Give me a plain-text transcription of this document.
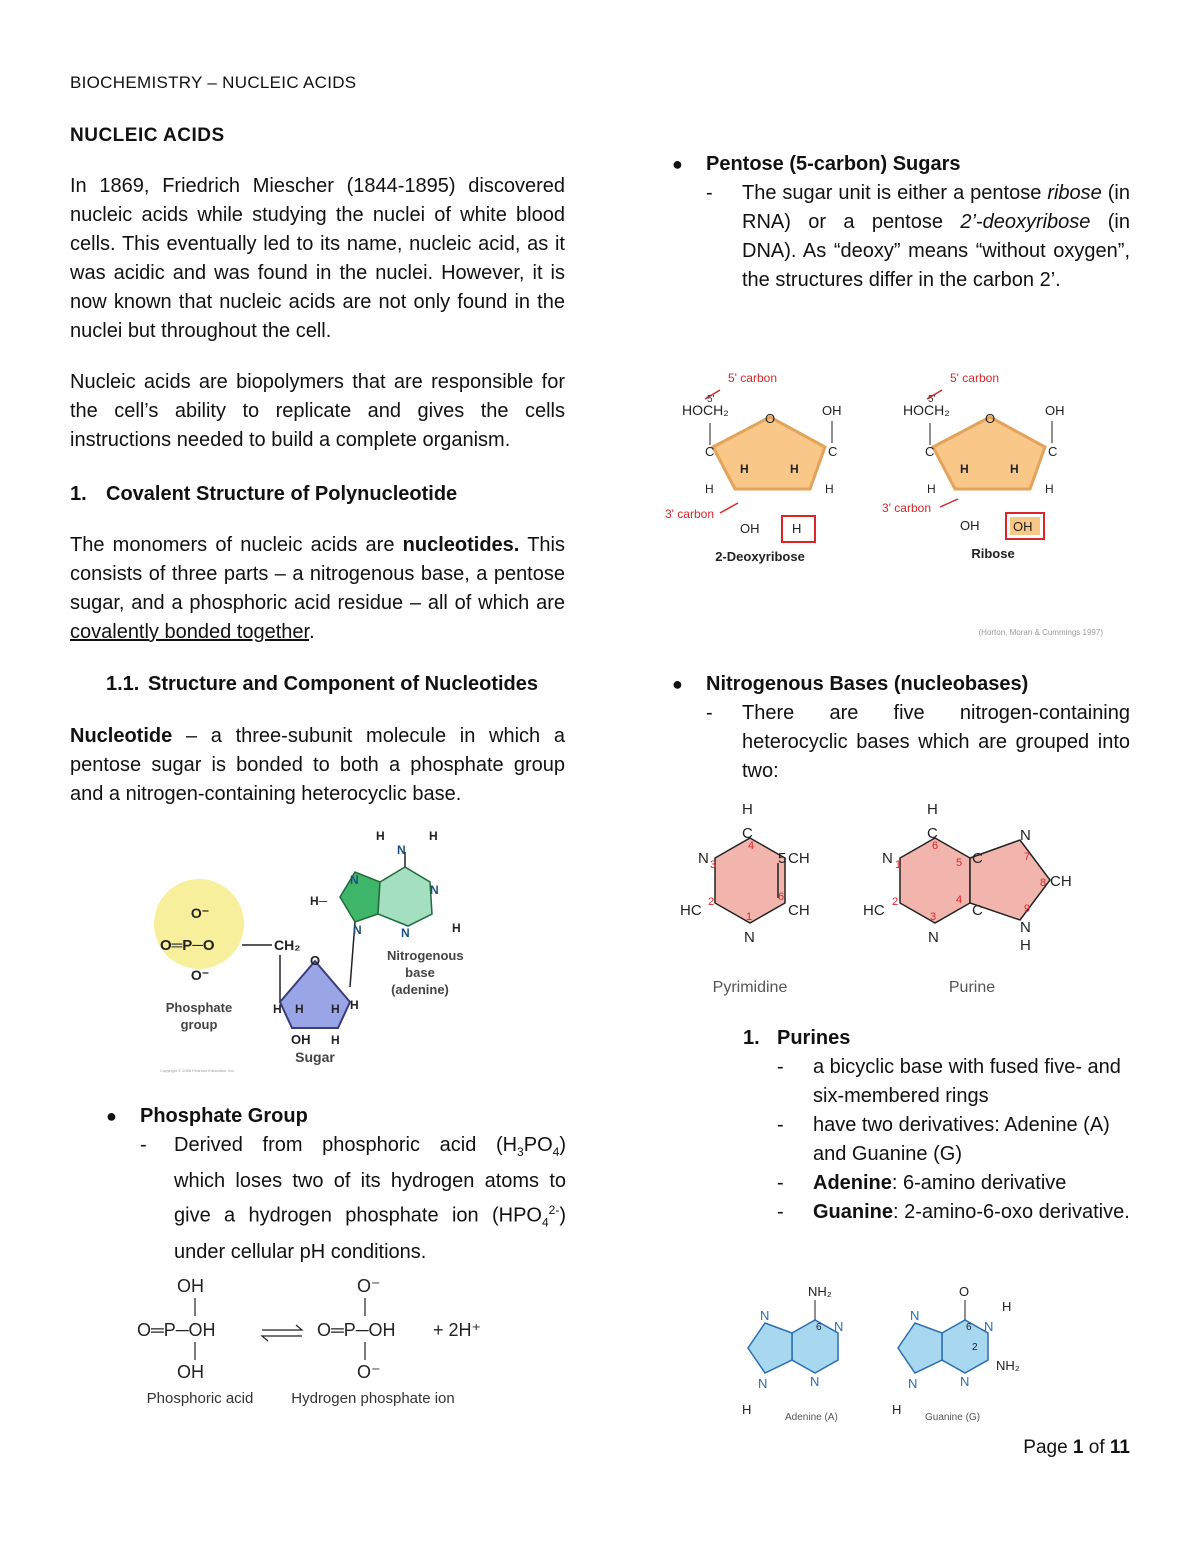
BIOCHEMISTRY – NUCLEIC ACIDS
NUCLEIC ACIDS
In 1869, Friedrich Miescher (1844-1895) discovered nucleic acids while studying the nuclei of white blood cells. This eventually led to its name, nucleic acid, as it was acidic and was found in the nuclei. However, it is now known that nucleic acids are not only found in the nuclei but throughout the cell.
Nucleic acids are biopolymers that are responsible for the cell’s ability to replicate and gives the cells instructions needed to build a complete organism.
1. Covalent Structure of Polynucleotide
The monomers of nucleic acids are nucleotides. This consists of three parts – a nitrogenous base, a pentose sugar, and a phosphoric acid residue – all of which are covalently bonded together.
1.1. Structure and Component of Nucleotides
Nucleotide – a three-subunit molecule in which a pentose sugar is bonded to both a phosphate group and a nitrogen-containing heterocyclic base.
O⁻
O═P─O
O⁻
CH₂
O
H H
H	H
OH H
Sugar
Phosphate
group
N
N
N
N
H─
H
H
N
H
Nitrogenous
base
(adenine)
Copyright © 2006 Pearson Education, Inc.
●	Phosphate Group
-	Derived from phosphoric acid $(H_3PO_4)$ which loses two of its hydrogen atoms to give a hydrogen phosphate ion $(HPO_4^{2-})$ under cellular pH conditions.
OH
O═P─OH
OH
O⁻
O═P─OH + 2H⁺
O⁻
Phosphoric acid	Hydrogen phosphate ion
●	Pentose (5-carbon) Sugars
-	The sugar unit is either a pentose ribose (in RNA) or a pentose 2’-deoxyribose (in DNA). As “deoxy” means “without oxygen”, the structures differ in the carbon 2’.
5' carbon
5'
HOCH₂
O
OH
C	C
H	H
H	H
3' carbon
OH	H
2-Deoxyribose
5' carbon
5'
HOCH₂
O
OH
C	C
H	H
H	H
3' carbon
OH	OH
Ribose
(Horton, Moran & Cummings 1997)
●	Nitrogenous Bases (nucleobases)
-	There are five nitrogen-containing heterocyclic bases which are grouped into two:
H
C
4
N 3	5 CH
HC 2	6
CH
N
1
Pyrimidine
H
C
6
N 1	5 C
N
7
8 CH
HC 2	4
C	9
N
H
N
3
Purine
1. Purines
-	a bicyclic base with fused five- and six-membered rings
-	have two derivatives: Adenine (A) and Guanine (G)
-	Adenine: 6-amino derivative
-	Guanine: 2-amino-6-oxo derivative.
NH₂
N
N
6
N
N
H
Adenine (A)
O
N
N
6
2
H
NH₂
N
N
H
Guanine (G)
Page 1 of 11
